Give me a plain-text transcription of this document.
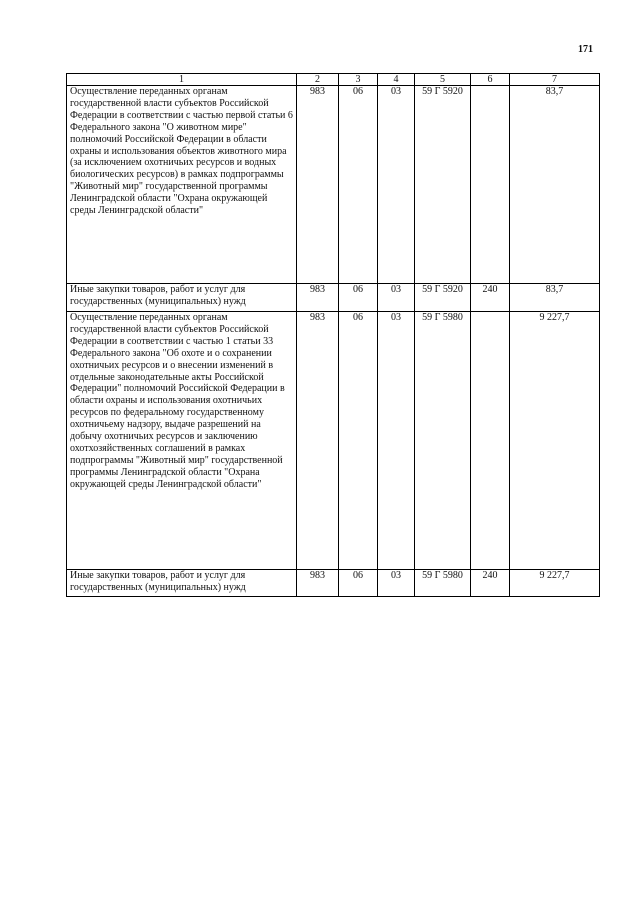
171
1	2	3	4	5	6	7
Осуществление переданных органам государственной власти субъектов Российской Федерации в соответствии с частью первой статьи 6 Федерального закона "О животном мире" полномочий Российской Федерации в области охраны и использования объектов животного мира (за исключением охотничьих ресурсов и водных биологических ресурсов) в рамках подпрограммы "Животный мир" государственной программы Ленинградской области "Охрана окружающей среды Ленинградской области"	983	06	03	59 Г 5920		83,7
Иные закупки товаров, работ и услуг для государственных (муниципальных) нужд	983	06	03	59 Г 5920	240	83,7
Осуществление переданных органам государственной власти субъектов Российской Федерации в соответствии с частью 1 статьи 33 Федерального закона "Об охоте и о сохранении охотничьих ресурсов и о внесении изменений в отдельные законодательные акты Российской Федерации" полномочий Российской Федерации в области охраны и использования охотничьих ресурсов по федеральному государственному охотничьему надзору, выдаче разрешений на добычу охотничьих ресурсов и заключению охотхозяйственных соглашений в рамках подпрограммы "Животный мир" государственной программы Ленинградской области "Охрана окружающей среды Ленинградской области"	983	06	03	59 Г 5980		9 227,7
Иные закупки товаров, работ и услуг для государственных (муниципальных) нужд	983	06	03	59 Г 5980	240	9 227,7
